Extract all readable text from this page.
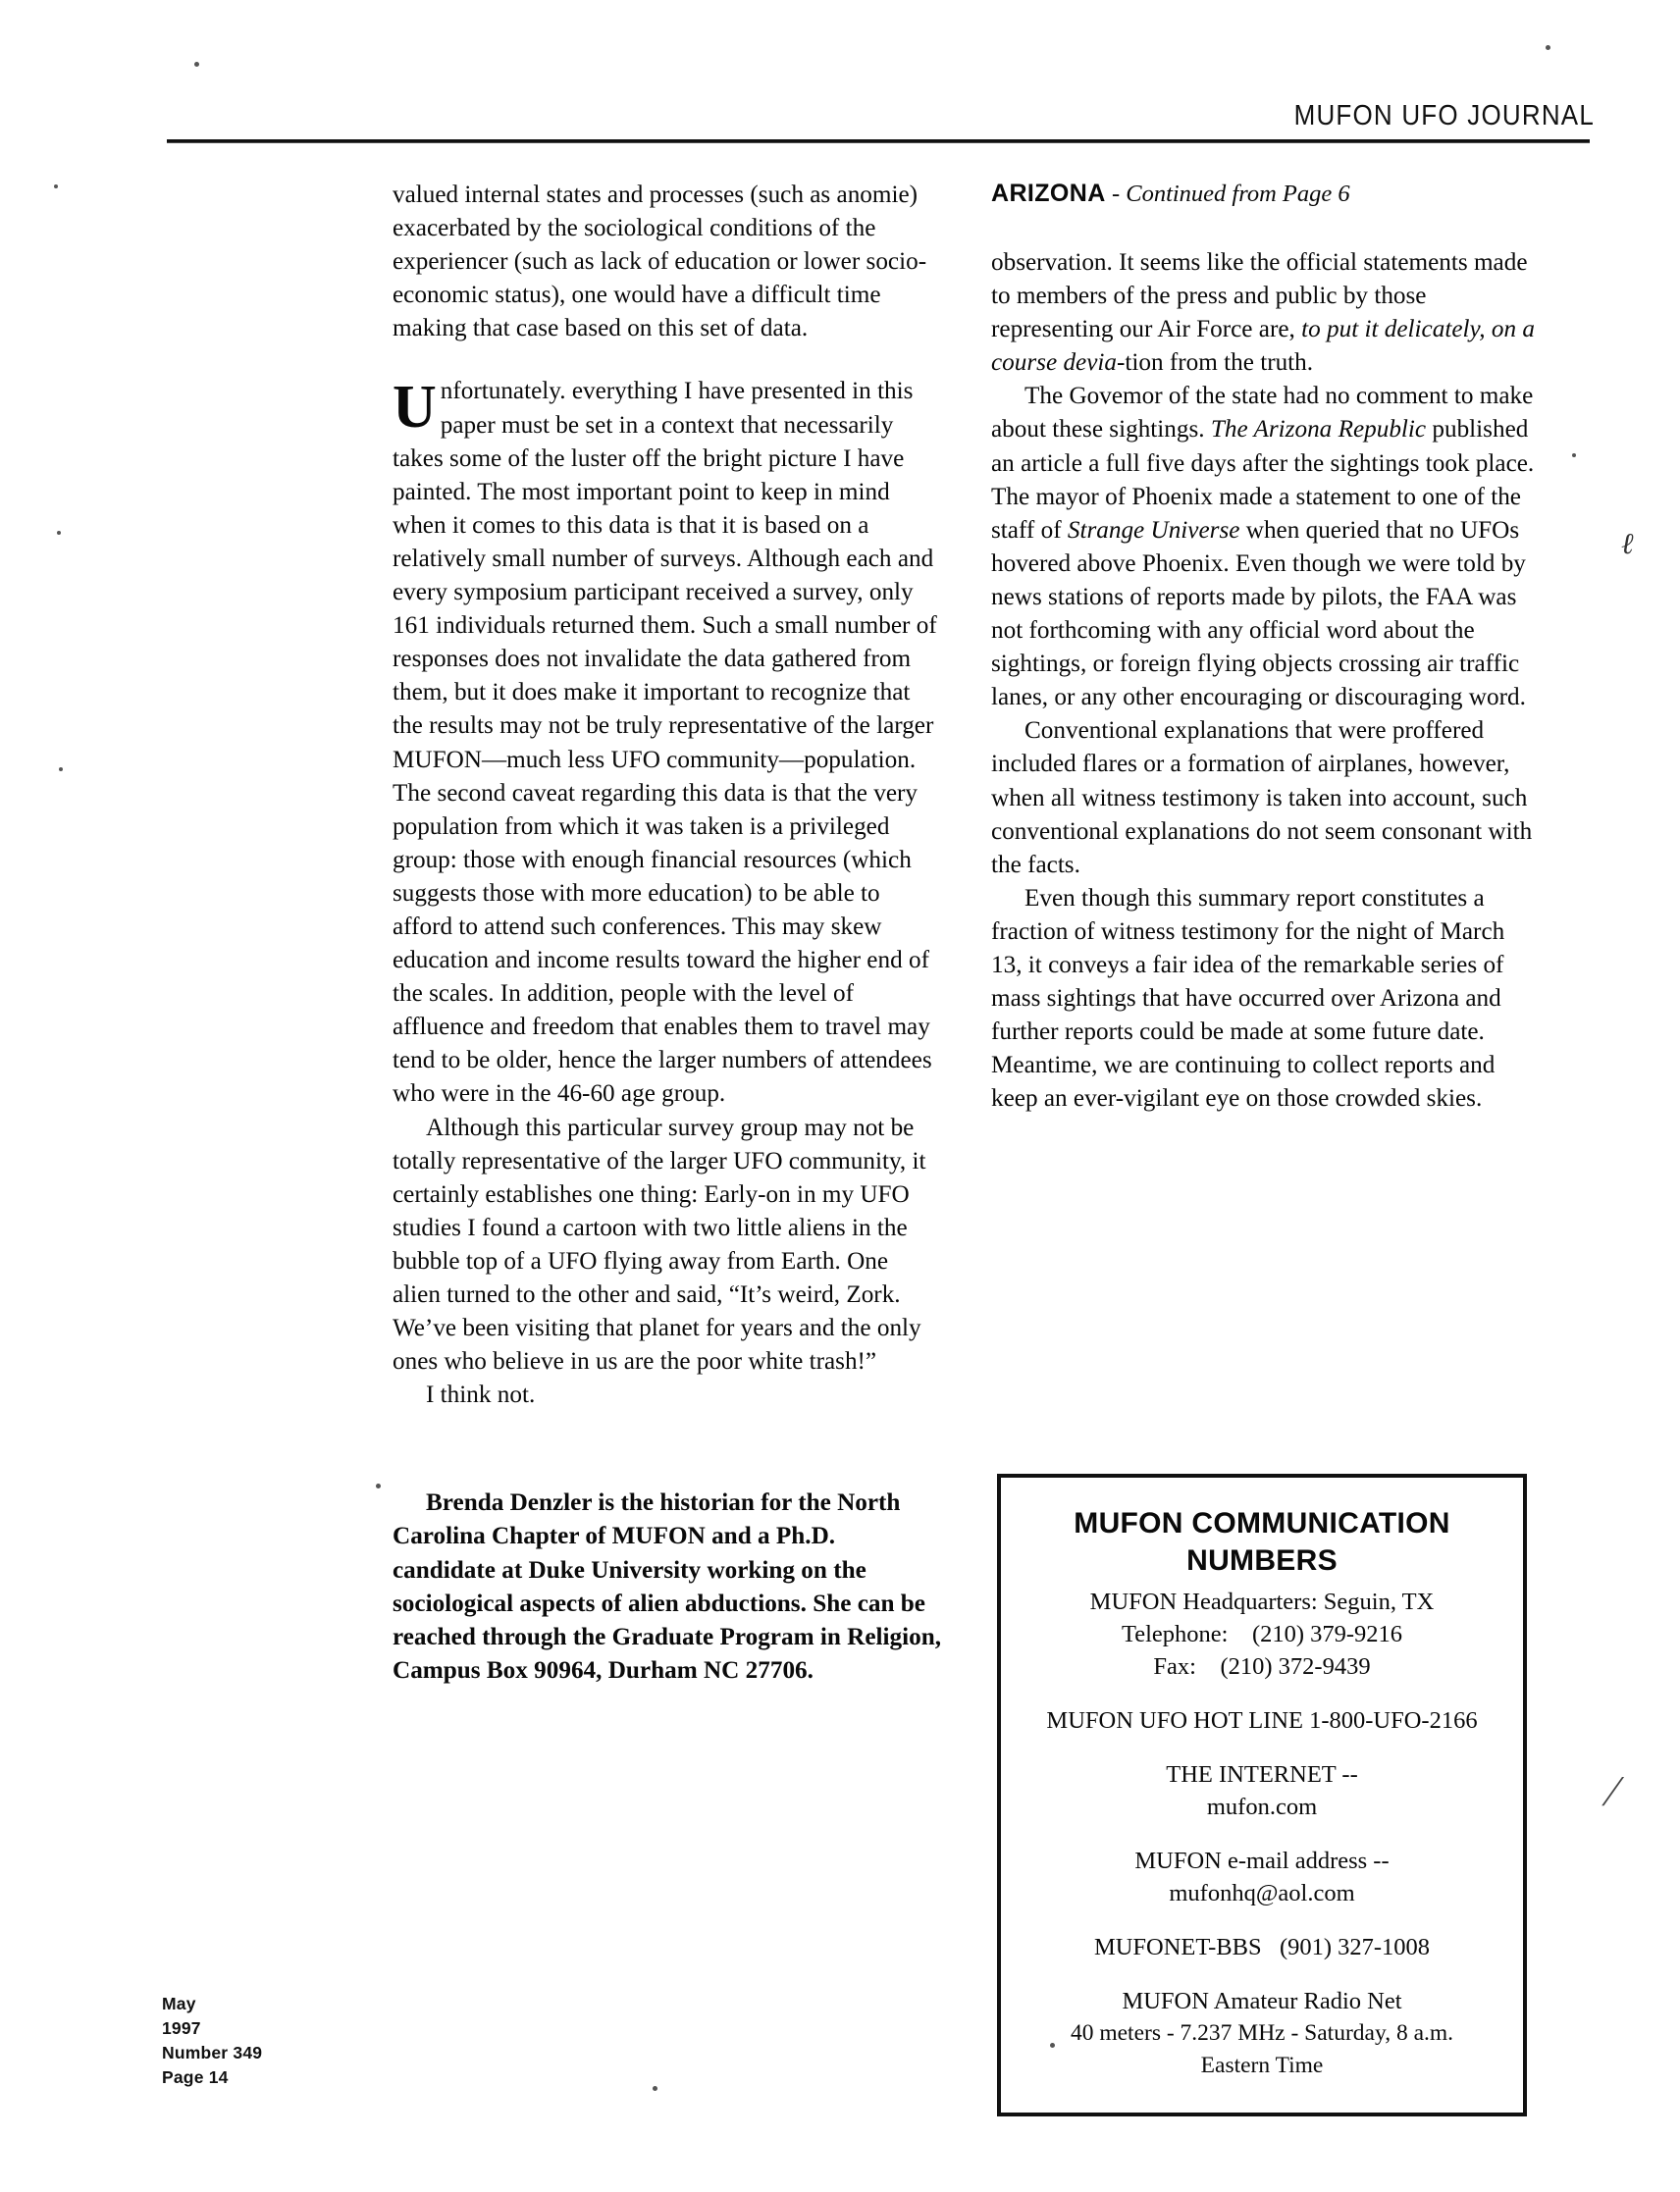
MUFON UFO JOURNAL

valued internal states and processes (such as anomie) exacerbated by the sociological conditions of the experiencer (such as lack of education or lower socio-economic status), one would have a difficult time making that case based on this set of data.

Unfortunately. everything I have presented in this paper must be set in a context that necessarily takes some of the luster off the bright picture I have painted. The most important point to keep in mind when it comes to this data is that it is based on a relatively small number of surveys. Although each and every symposium participant received a survey, only 161 individuals returned them. Such a small number of responses does not invalidate the data gathered from them, but it does make it important to recognize that the results may not be truly representative of the larger MUFON—much less UFO community—population. The second caveat regarding this data is that the very population from which it was taken is a privileged group: those with enough financial resources (which suggests those with more education) to be able to afford to attend such conferences. This may skew education and income results toward the higher end of the scales. In addition, people with the level of affluence and freedom that enables them to travel may tend to be older, hence the larger numbers of attendees who were in the 46-60 age group.

Although this particular survey group may not be totally representative of the larger UFO community, it certainly establishes one thing: Early-on in my UFO studies I found a cartoon with two little aliens in the bubble top of a UFO flying away from Earth. One alien turned to the other and said, “It’s weird, Zork. We’ve been visiting that planet for years and the only ones who believe in us are the poor white trash!”

I think not.

Brenda Denzler is the historian for the North Carolina Chapter of MUFON and a Ph.D. candidate at Duke University working on the sociological aspects of alien abductions. She can be reached through the Graduate Program in Religion, Campus Box 90964, Durham NC 27706.

ARIZONA - Continued from Page 6

observation. It seems like the official statements made to members of the press and public by those representing our Air Force are, to put it delicately, on a course devia-tion from the truth.

The Govemor of the state had no comment to make about these sightings. The Arizona Republic published an article a full five days after the sightings took place. The mayor of Phoenix made a statement to one of the staff of Strange Universe when queried that no UFOs hovered above Phoenix. Even though we were told by news stations of reports made by pilots, the FAA was not forthcoming with any official word about the sightings, or foreign flying objects crossing air traffic lanes, or any other encouraging or discouraging word.

Conventional explanations that were proffered included flares or a formation of airplanes, however, when all witness testimony is taken into account, such conventional explanations do not seem consonant with the facts.

Even though this summary report constitutes a fraction of witness testimony for the night of March 13, it conveys a fair idea of the remarkable series of mass sightings that have occurred over Arizona and further reports could be made at some future date. Meantime, we are continuing to collect reports and keep an ever-vigilant eye on those crowded skies.

MUFON COMMUNICATION
NUMBERS
MUFON Headquarters: Seguin, TX
Telephone:    (210) 379-9216
Fax:    (210) 372-9439
MUFON UFO HOT LINE 1-800-UFO-2166
THE INTERNET --
mufon.com
MUFON e-mail address --
mufonhq@aol.com
MUFONET-BBS   (901) 327-1008
MUFON Amateur Radio Net
40 meters - 7.237 MHz - Saturday, 8 a.m.
Eastern Time
May
1997
Number 349
Page 14
ℓ
⁄
